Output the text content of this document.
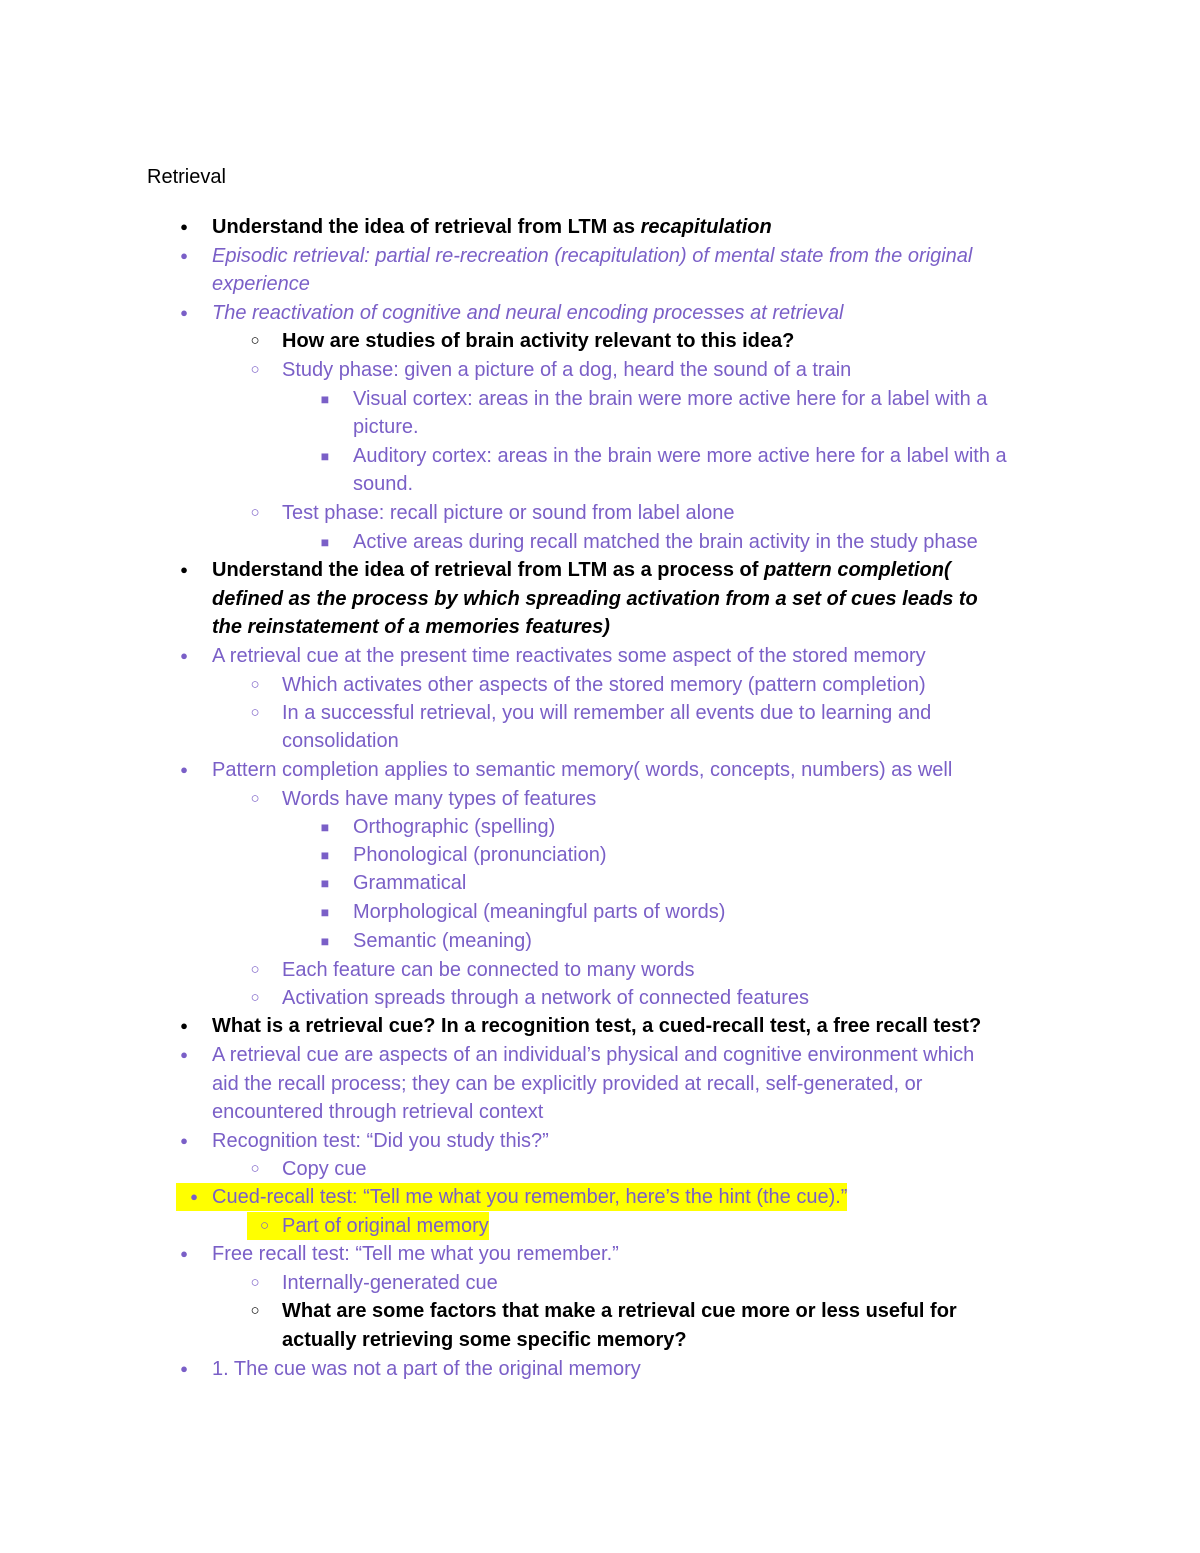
Retrieval
●	Understand the idea of retrieval from LTM as recapitulation
●	Episodic retrieval: partial re-recreation (recapitulation) of mental state from the original
experience
●	The reactivation of cognitive and neural encoding processes at retrieval
○ How are studies of brain activity relevant to this idea?
○ Study phase: given a picture of a dog, heard the sound of a train
■ Visual cortex: areas in the brain were more active here for a label with a
picture.
■ Auditory cortex: areas in the brain were more active here for a label with a
sound.
○ Test phase: recall picture or sound from label alone
■ Active areas during recall matched the brain activity in the study phase
●	Understand the idea of retrieval from LTM as a process of pattern completion(
defined as the process by which spreading activation from a set of cues leads to
the reinstatement of a memories features)
●	A retrieval cue at the present time reactivates some aspect of the stored memory
○ Which activates other aspects of the stored memory (pattern completion)
○ In a successful retrieval, you will remember all events due to learning and
consolidation
●	Pattern completion applies to semantic memory( words, concepts, numbers) as well
○ Words have many types of features
■ Orthographic (spelling)
■ Phonological (pronunciation)
■ Grammatical
■ Morphological (meaningful parts of words)
■ Semantic (meaning)
○ Each feature can be connected to many words
○ Activation spreads through a network of connected features
●	What is a retrieval cue? In a recognition test, a cued-recall test, a free recall test?
●	A retrieval cue are aspects of an individual’s physical and cognitive environment which
aid the recall process; they can be explicitly provided at recall, self-generated, or
encountered through retrieval context
●	Recognition test: “Did you study this?”
○ Copy cue
● Cued-recall test: “Tell me what you remember, here’s the hint (the cue).”
○ Part of original memory
●	Free recall test: “Tell me what you remember.”
○ Internally-generated cue
○ What are some factors that make a retrieval cue more or less useful for
actually retrieving some specific memory?
●	1. The cue was not a part of the original memory
